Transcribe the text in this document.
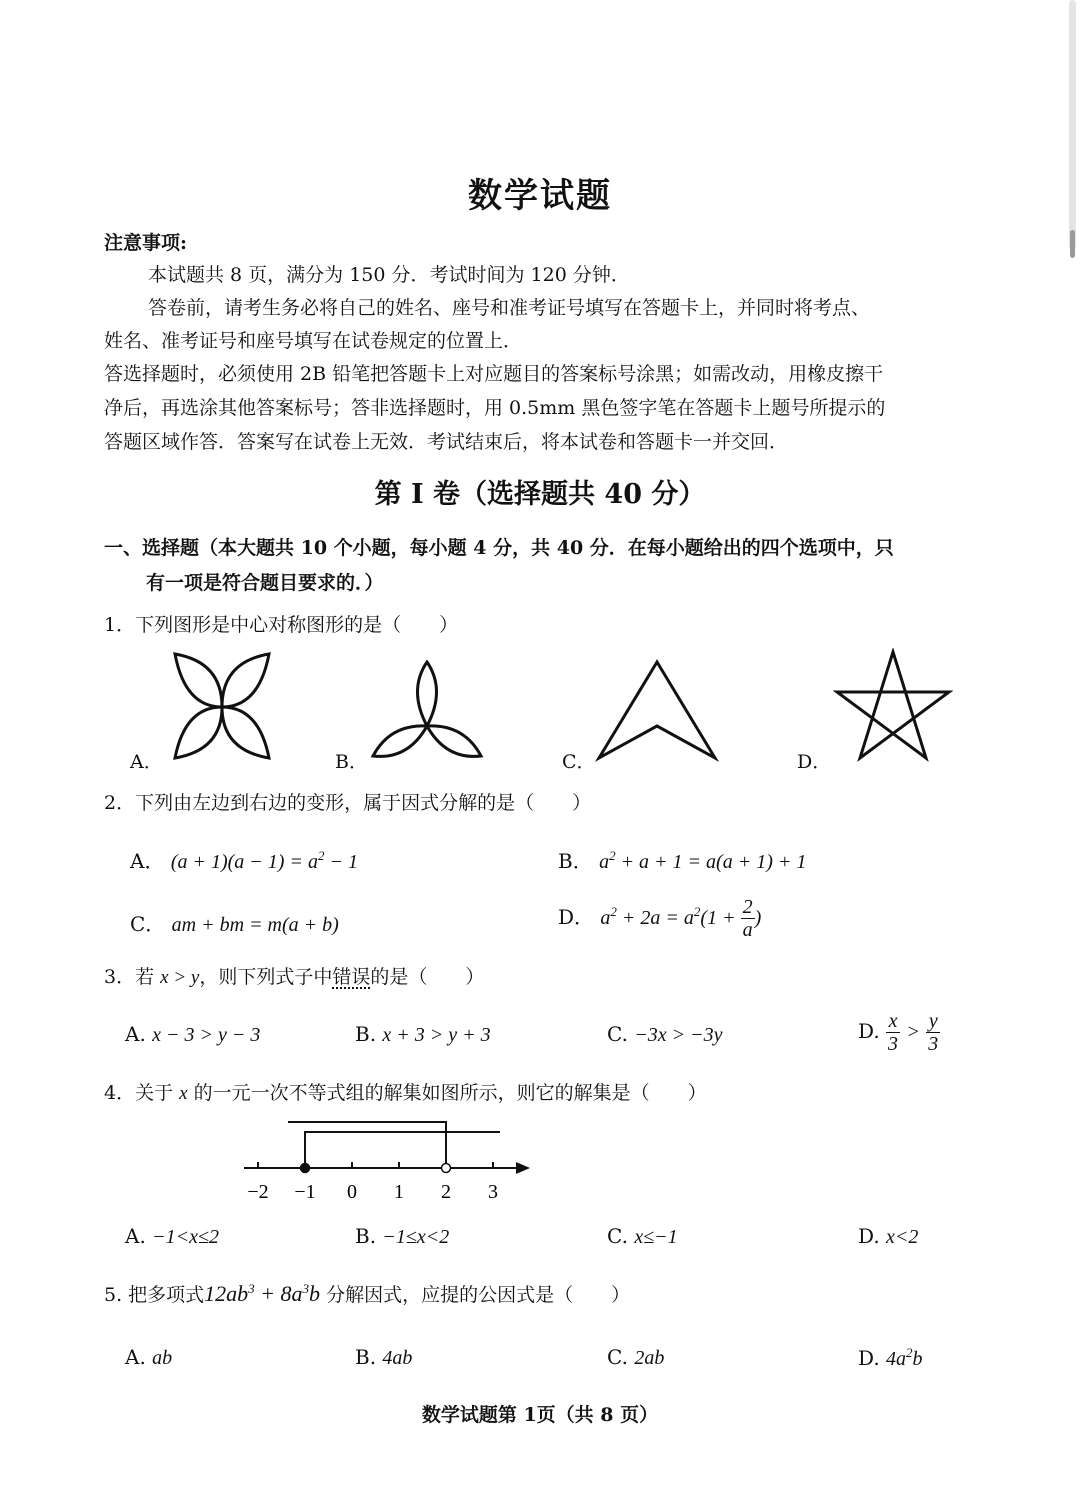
数学试题
注意事项:
本试题共 8 页，满分为 150 分．考试时间为 120 分钟．
答卷前，请考生务必将自己的姓名、座号和准考证号填写在答题卡上，并同时将考点、
姓名、准考证号和座号填写在试卷规定的位置上．
答选择题时，必须使用 2B 铅笔把答题卡上对应题目的答案标号涂黑；如需改动，用橡皮擦干
净后，再选涂其他答案标号；答非选择题时，用 0.5mm 黑色签字笔在答题卡上题号所提示的
答题区域作答．答案写在试卷上无效．考试结束后，将本试卷和答题卡一并交回．
第 I 卷（选择题共 40 分）
一、选择题（本大题共 10 个小题，每小题 4 分，共 40 分．在每小题给出的四个选项中，只
有一项是符合题目要求的．）
1．下列图形是中心对称图形的是（　　）
A．	B．	C．	D．
2．下列由左边到右边的变形，属于因式分解的是（　　）
A． $(a + 1)(a - 1) = a^2 - 1$	B． $a^2 + a + 1 = a(a + 1) + 1$
C． am + bm = m(a + b)	D． $a^2 + 2a = a^2(1 + \frac{2}{a}$ )
3．若 x > y，则下列式子中错误的是（　　）
A. x − 3 > y − 3	B. x + 3 > y + 3	C. −3x > −3y	D. $\frac{x}{3} > \frac{y}{3}$
4．关于 x 的一元一次不等式组的解集如图所示，则它的解集是（　　）
−2 −1 0 1 2 3
A. −1<x≤2	B. −1≤x<2	C. x≤−1	D. x<2
5. 把多项式$12ab^3 + 8a^3b$ 分解因式，应提的公因式是（　　）
A. ab	B. 4ab	C. 2ab	D. $4a^2b$
数学试题第 1页（共 8 页）
